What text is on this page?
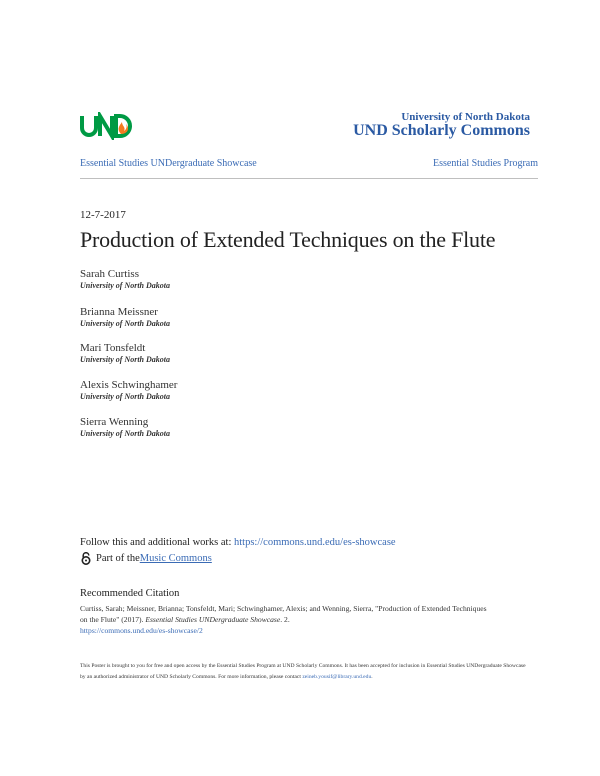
University of North Dakota
UND Scholarly Commons
Essential Studies UNDergraduate Showcase	Essential Studies Program
12-7-2017
Production of Extended Techniques on the Flute
Sarah Curtiss
University of North Dakota
Brianna Meissner
University of North Dakota
Mari Tonsfeldt
University of North Dakota
Alexis Schwinghamer
University of North Dakota
Sierra Wenning
University of North Dakota
Follow this and additional works at: https://commons.und.edu/es-showcase
Part of the Music Commons
Recommended Citation
Curtiss, Sarah; Meissner, Brianna; Tonsfeldt, Mari; Schwinghamer, Alexis; and Wenning, Sierra, "Production of Extended Techniques
on the Flute" (2017). Essential Studies UNDergraduate Showcase. 2.
https://commons.und.edu/es-showcase/2
This Poster is brought to you for free and open access by the Essential Studies Program at UND Scholarly Commons. It has been accepted for inclusion in Essential Studies UNDergraduate Showcase by an authorized administrator of UND Scholarly Commons. For more information, please contact zeineb.yousif@library.und.edu.
